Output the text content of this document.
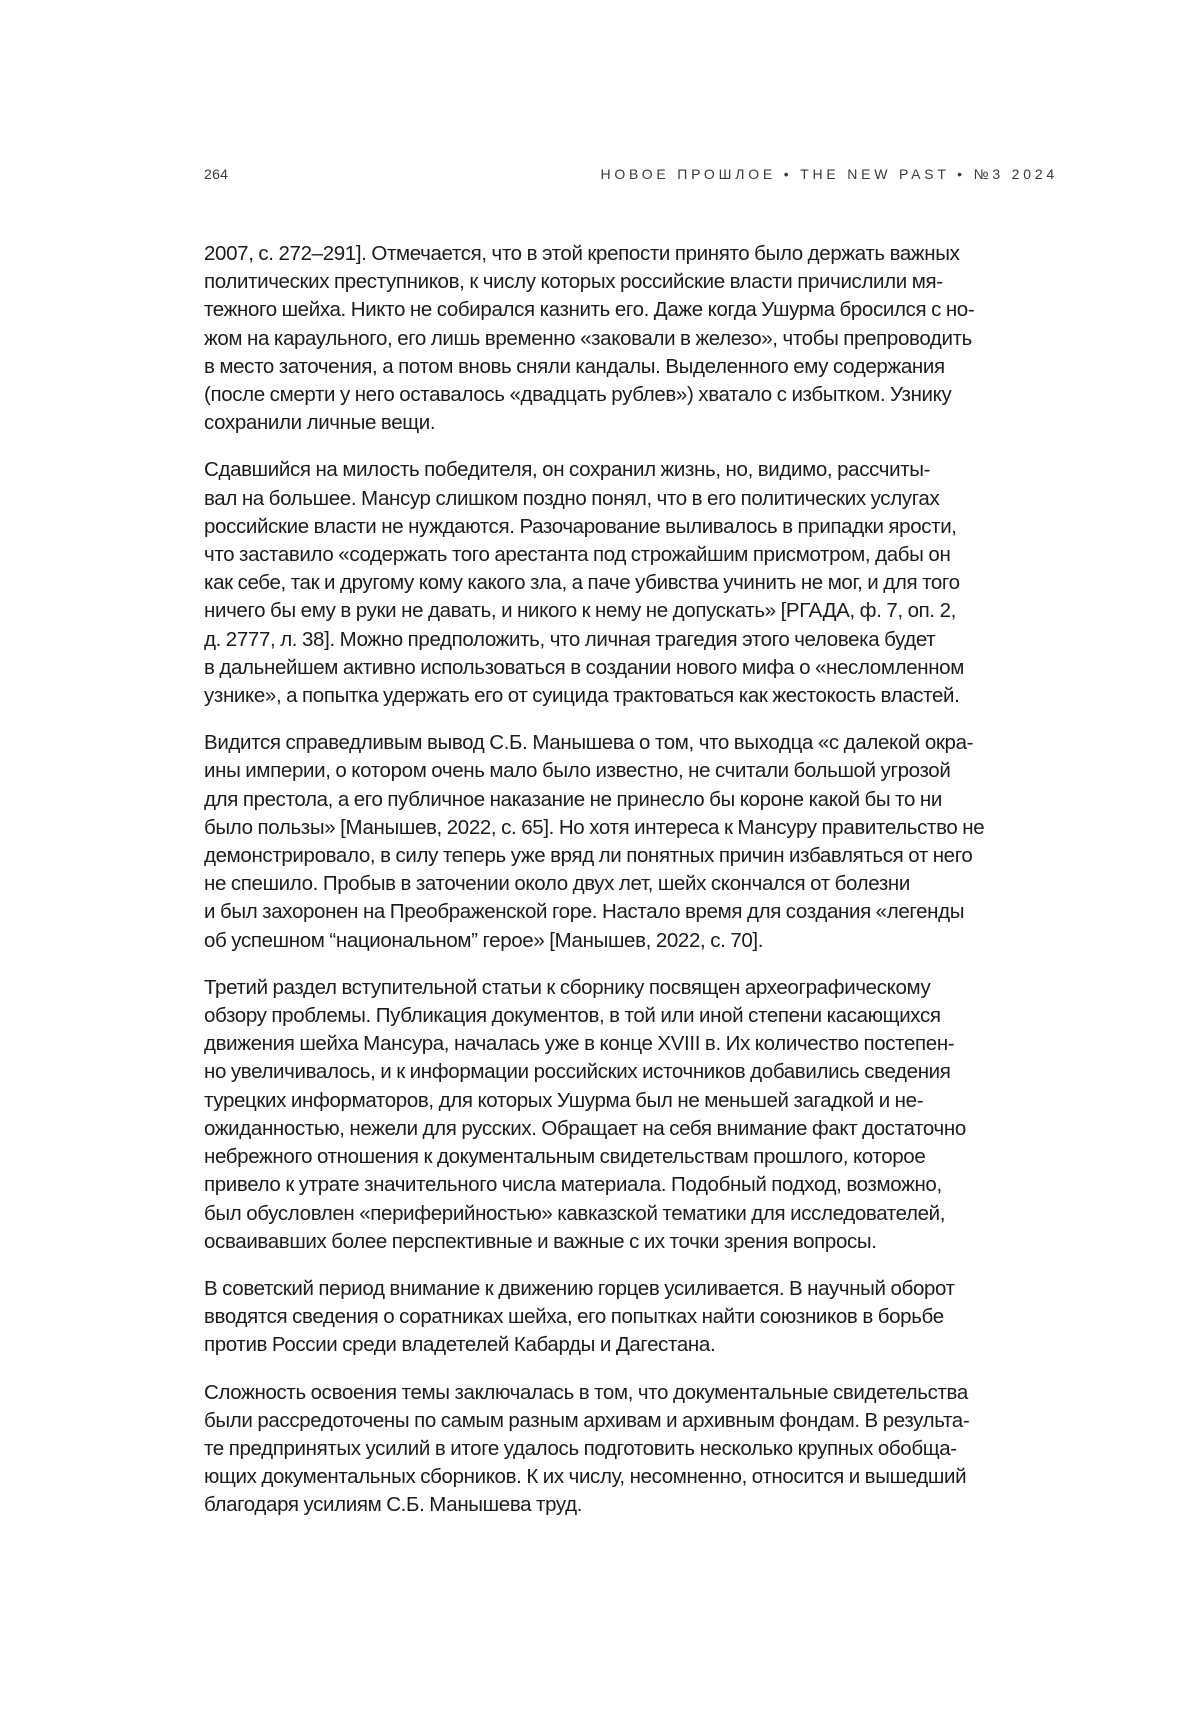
264	НОВОЕ ПРОШЛОЕ • THE NEW PAST • №3 2024

2007, с. 272–291]. Отмечается, что в этой крепости принято было держать важных
политических преступников, к числу которых российские власти причислили мя-
тежного шейха. Никто не собирался казнить его. Даже когда Ушурма бросился с но-
жом на караульного, его лишь временно «заковали в железо», чтобы препроводить
в место заточения, а потом вновь сняли кандалы. Выделенного ему содержания
(после смерти у него оставалось «двадцать рублев») хватало с избытком. Узнику
сохранили личные вещи.

Сдавшийся на милость победителя, он сохранил жизнь, но, видимо, рассчиты-
вал на большее. Мансур слишком поздно понял, что в его политических услугах
российские власти не нуждаются. Разочарование выливалось в припадки ярости,
что заставило «содержать того арестанта под строжайшим присмотром, дабы он
как себе, так и другому кому какого зла, а паче убивства учинить не мог, и для того
ничего бы ему в руки не давать, и никого к нему не допускать» [РГАДА, ф. 7, оп. 2,
д. 2777, л. 38]. Можно предположить, что личная трагедия этого человека будет
в дальнейшем активно использоваться в создании нового мифа о «несломленном
узнике», а попытка удержать его от суицида трактоваться как жестокость властей.

Видится справедливым вывод С.Б. Манышева о том, что выходца «с далекой окра-
ины империи, о котором очень мало было известно, не считали большой угрозой
для престола, а его публичное наказание не принесло бы короне какой бы то ни
было пользы» [Манышев, 2022, с. 65]. Но хотя интереса к Мансуру правительство не
демонстрировало, в силу теперь уже вряд ли понятных причин избавляться от него
не спешило. Пробыв в заточении около двух лет, шейх скончался от болезни
и был захоронен на Преображенской горе. Настало время для создания «легенды
об успешном “национальном” герое» [Манышев, 2022, с. 70].

Третий раздел вступительной статьи к сборнику посвящен археографическому
обзору проблемы. Публикация документов, в той или иной степени касающихся
движения шейха Мансура, началась уже в конце XVIII в. Их количество постепен-
но увеличивалось, и к информации российских источников добавились сведения
турецких информаторов, для которых Ушурма был не меньшей загадкой и не-
ожиданностью, нежели для русских. Обращает на себя внимание факт достаточно
небрежного отношения к документальным свидетельствам прошлого, которое
привело к утрате значительного числа материала. Подобный подход, возможно,
был обусловлен «периферийностью» кавказской тематики для исследователей,
осваивавших более перспективные и важные с их точки зрения вопросы.

В советский период внимание к движению горцев усиливается. В научный оборот
вводятся сведения о соратниках шейха, его попытках найти союзников в борьбе
против России среди владетелей Кабарды и Дагестана.

Сложность освоения темы заключалась в том, что документальные свидетельства
были рассредоточены по самым разным архивам и архивным фондам. В результа-
те предпринятых усилий в итоге удалось подготовить несколько крупных обобща-
ющих документальных сборников. К их числу, несомненно, относится и вышедший
благодаря усилиям С.Б. Манышева труд.
